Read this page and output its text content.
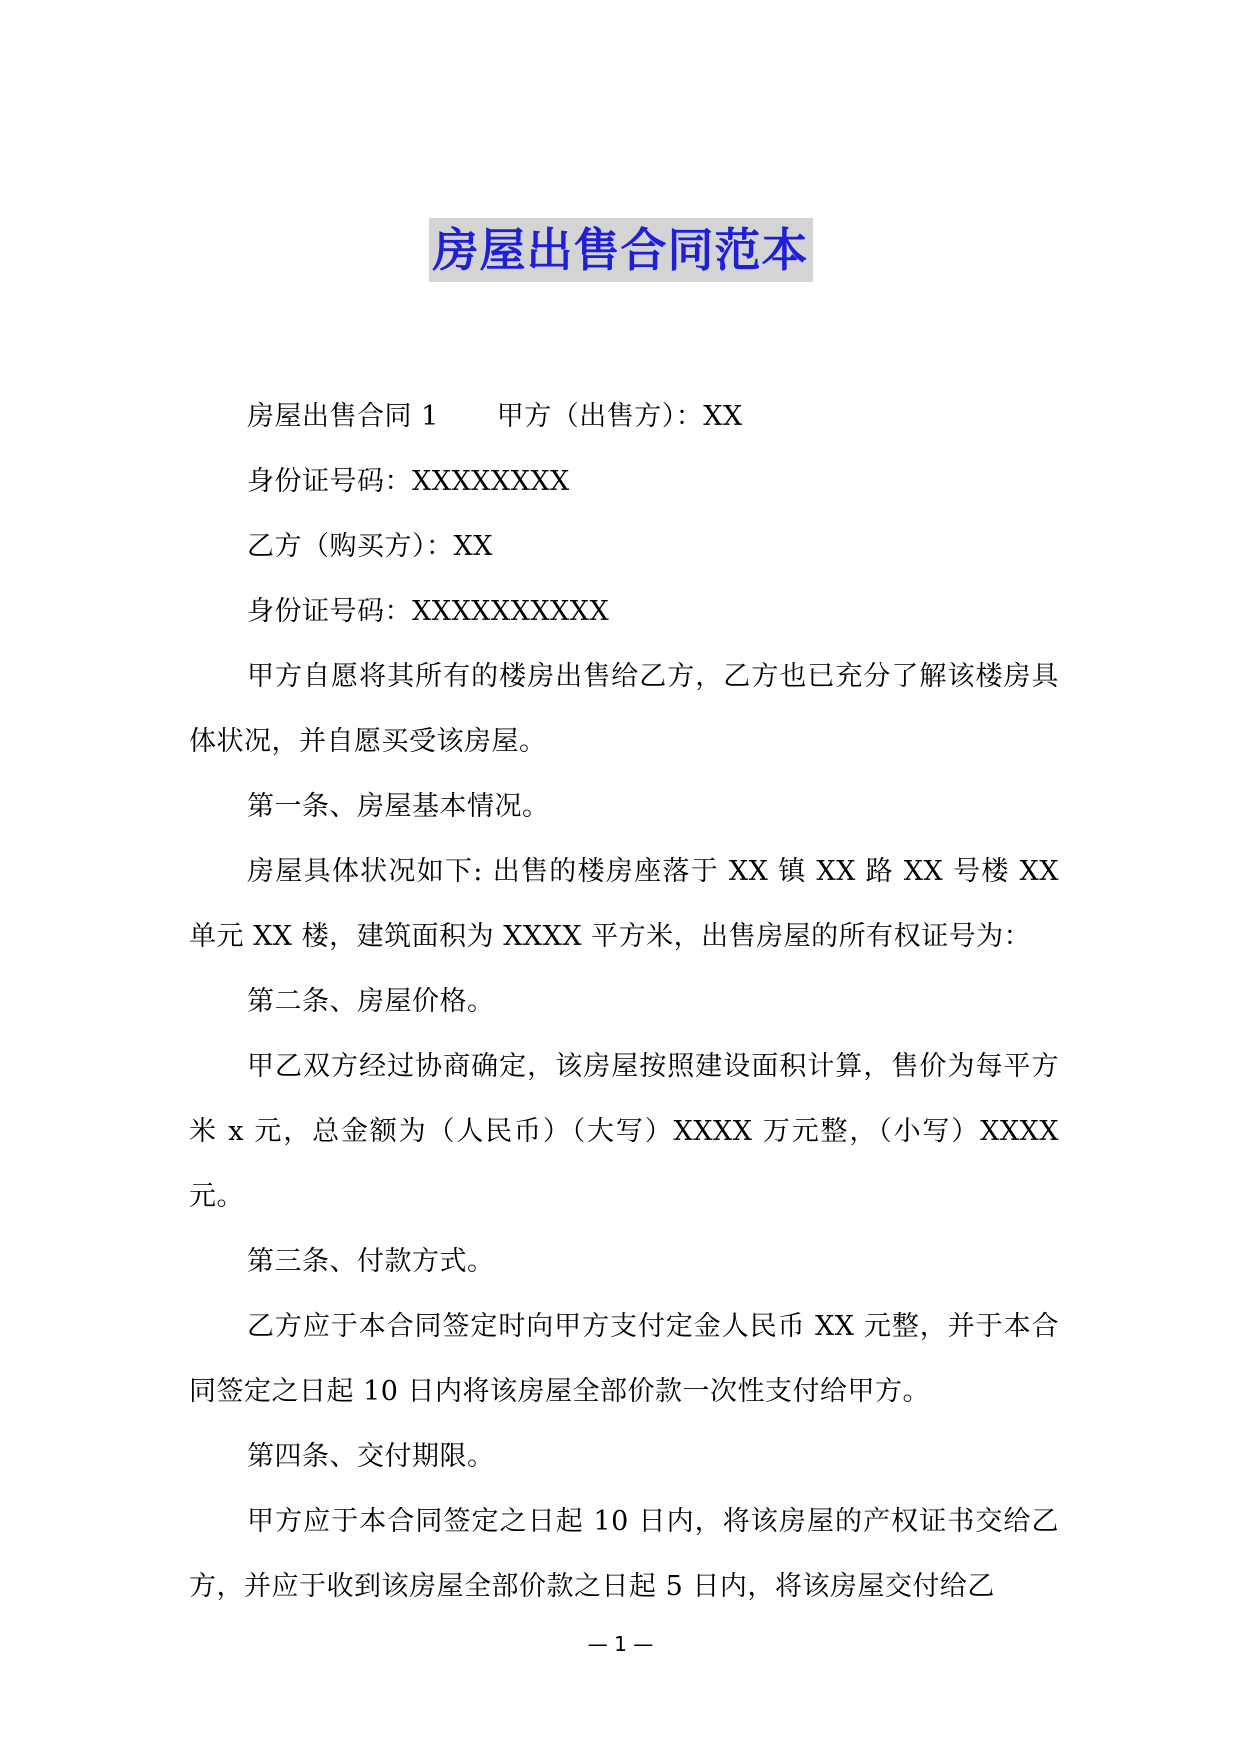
房屋出售合同范本

房屋出售合同 1 甲方（出售方）：XX

身份证号码：XXXXXXXX

乙方（购买方）：XX

身份证号码：XXXXXXXXXX

甲方自愿将其所有的楼房出售给乙方，乙方也已充分了解该楼房具体状况，并自愿买受该房屋。

第一条、房屋基本情况。

房屋具体状况如下: 出售的楼房座落于 XX 镇 XX 路 XX 号楼 XX 单元 XX 楼，建筑面积为 XXXX 平方米，出售房屋的所有权证号为：

第二条、房屋价格。

甲乙双方经过协商确定，该房屋按照建设面积计算，售价为每平方米 x 元，总金额为（人民币）（大写）XXXX 万元整，（小写）XXXX 元。

第三条、付款方式。

乙方应于本合同签定时向甲方支付定金人民币 XX 元整，并于本合同签定之日起 10 日内将该房屋全部价款一次性支付给甲方。

第四条、交付期限。

甲方应于本合同签定之日起 10 日内，将该房屋的产权证书交给乙方，并应于收到该房屋全部价款之日起 5 日内，将该房屋交付给乙

— 1 —
